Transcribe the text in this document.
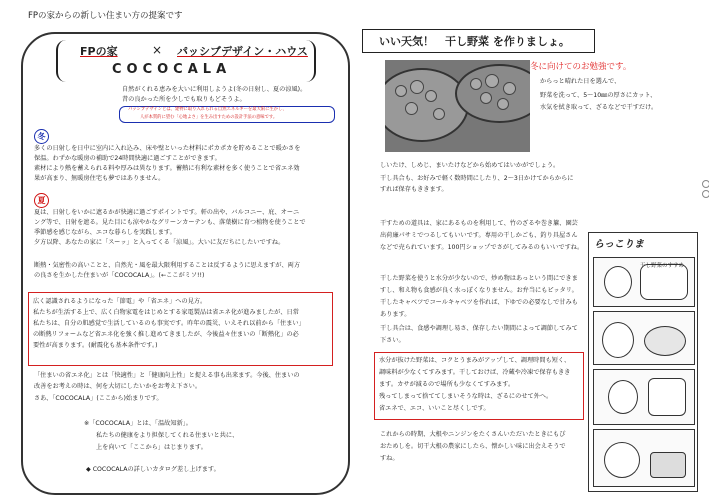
FPの家からの新しい住まい方の提案です
FPの家	× パッシブデザイン・ハウス
COCOCALA
自然がくれる恵みを大いに利用しようよ(冬の日射し、夏の涼風)。
昔の良かった所を少しでも取りもどそうよ。
パッシブデザインとは、建物に取り入れられる自然エネルギーを最大限に生かし、
人が本質的に望む「心地よさ」を生み出すための設計手法の意味です。
冬
多くの日射しを日中に室内に入れ込み、床や壁といった材料にポカポカを貯めることで暖かさを
保温。わずかな暖房の補助で24時間快適に過ごすことができます。
素材により熱を蓄えられる料や厚みは異なります。蓄熱に有利な素材を多く使うことで省エネ効
果が高まり、無暖房住宅も夢ではありません。
夏
夏は、日射しをいかに遮るかが快適に過ごすポイントです。軒の出や、バルコニー、庇、オーニ
ング等で、日射を遮る。見た目にも涼やかなグリーンカーテンも、落葉樹に育つ植物を使うことで
季節感を感じながら、エコな暮らしを実践します。
夕方以降、あなたの家に「スーッ」と入ってくる「涼風」。大いに友だちにしたいですね。
断熱・気密性の高いことと、自然光・風を最大限利用することは反するように思えますが、両方
の良さを生かした住まいが「COCOCALA」。(←ここがミソ!!)
広く認識されるようになった「節電」や「省エネ」への見方。
私たちが生活する上で、広く白物家電をはじめとする家電製品は省エネ化が進みましたが、日常
私たちは、自分の肌感覚で生活しているのも事実です。昨年の震災、いえそれ以前から「住まい」
の断熱リフォームなど省エネ化を強く推し進めてきましたが、今後益々住まいの「断熱化」の必
要性が高まります。(耐震化も基本条件です。)
「住まいの省エネ化」とは「快適性」と「健康向上性」と捉える事も出来ます。今後、住まいの
改善をお考えの時は、何を大切にしたいかをお考え下さい。
さあ、「COCOCALA」(ここから)始まりです。
※「COCOCALA」とは、「温故知新」。
私たちの健康をより担保してくれる住まいと共に、
上を向いて「ここから」はじまります。
◆ COCOCALAの詳しいカタログ差し上げます。
いい天気！　干し野菜 を作りましょ。
冬に向けてのお勉強です。
からっと晴れた日を選んで、
野菜を洗って、5〜10㎜の厚さにカット、
水気を拭き取って、ざるなどで干すだけ。
しいたけ、しめじ、まいたけなどから始めてはいかがでしょう。
干し具合も、お好みで軽く数時間にしたり、2〜3日かけてからからに
すれば保存もききます。
干すための道具は、家にあるものを利用して、竹のざるや巻き簾、園芸
出荷廉パサミでつるしてもいいです。専用の干しかごも、釣り具屋さん
などで売られています。100円ショップでさがしてみるのもいいですね。
干した野菜を使うと水分が少ないので、炒め物はあっという間にできま
すし、和え物も食感が良く水っぽくなりません。お弁当にもピッタリ。
干したキャベツでコールキャベツを作れば、下ゆでの必要なしで甘みも
あります。
干し具合は、食感や調理し易さ、保存したい期間によって調節してみて
下さい。
水分が抜けた野菜は、コクとうまみがアップして、調理時間も短く、
調味料が少なくてすみます。干しておけば、冷蔵や冷凍で保存もきき
ます。カサが減るので場所も少なくてすみます。
残ってしまって捨ててしまいそうな時は、ざるにのせて外へ。
省エネで、エコ、いいこと尽くしです。
これからの時期、大根やニンジンをたくさんいただいたときにもぴ
おためしを。切干大根の農家にしたら、懐かしい味に出会えそうで
すね。
らっこりま
干し野菜のすすめ
